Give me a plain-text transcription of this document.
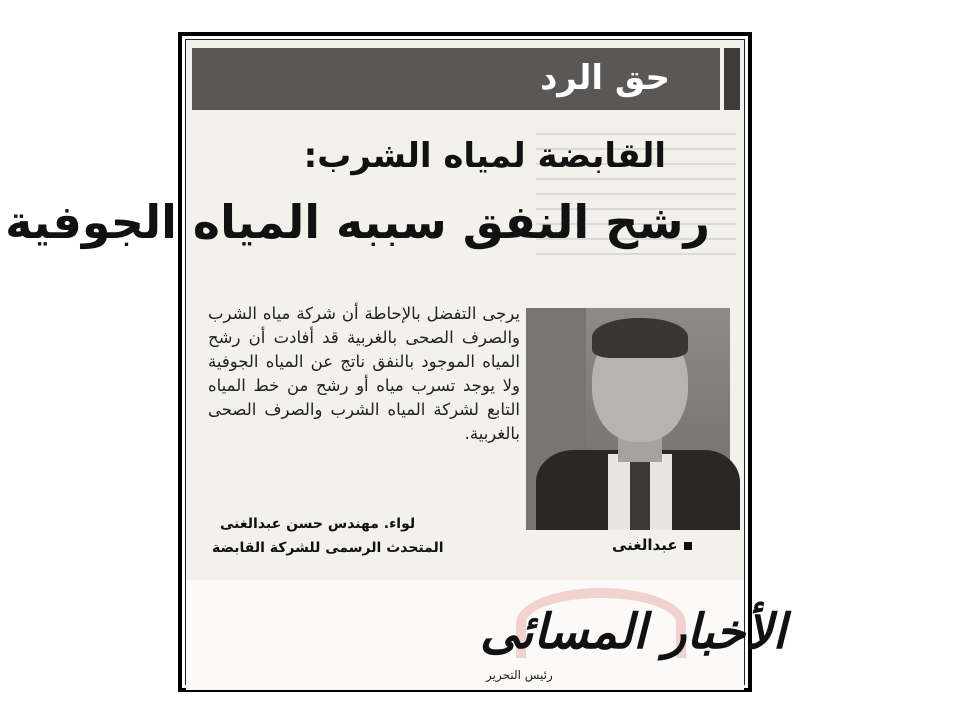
حق الرد
القابضة لمياه الشرب:
رشح النفق سببه المياه الجوفية
يرجى التفضل بالإحاطة أن شركة مياه الشرب والصرف الصحى بالغربية قد أفادت أن رشح المياه الموجود بالنفق ناتج عن المياه الجوفية ولا يوجد تسرب مياه أو رشح من خط المياه التابع لشركة المياه الشرب والصرف الصحى بالغربية.
عبدالغنى
لواء. مهندس حسن عبدالغنى
المتحدث الرسمى للشركة القابضة
الأخبار المسائى
رئيس التحرير
